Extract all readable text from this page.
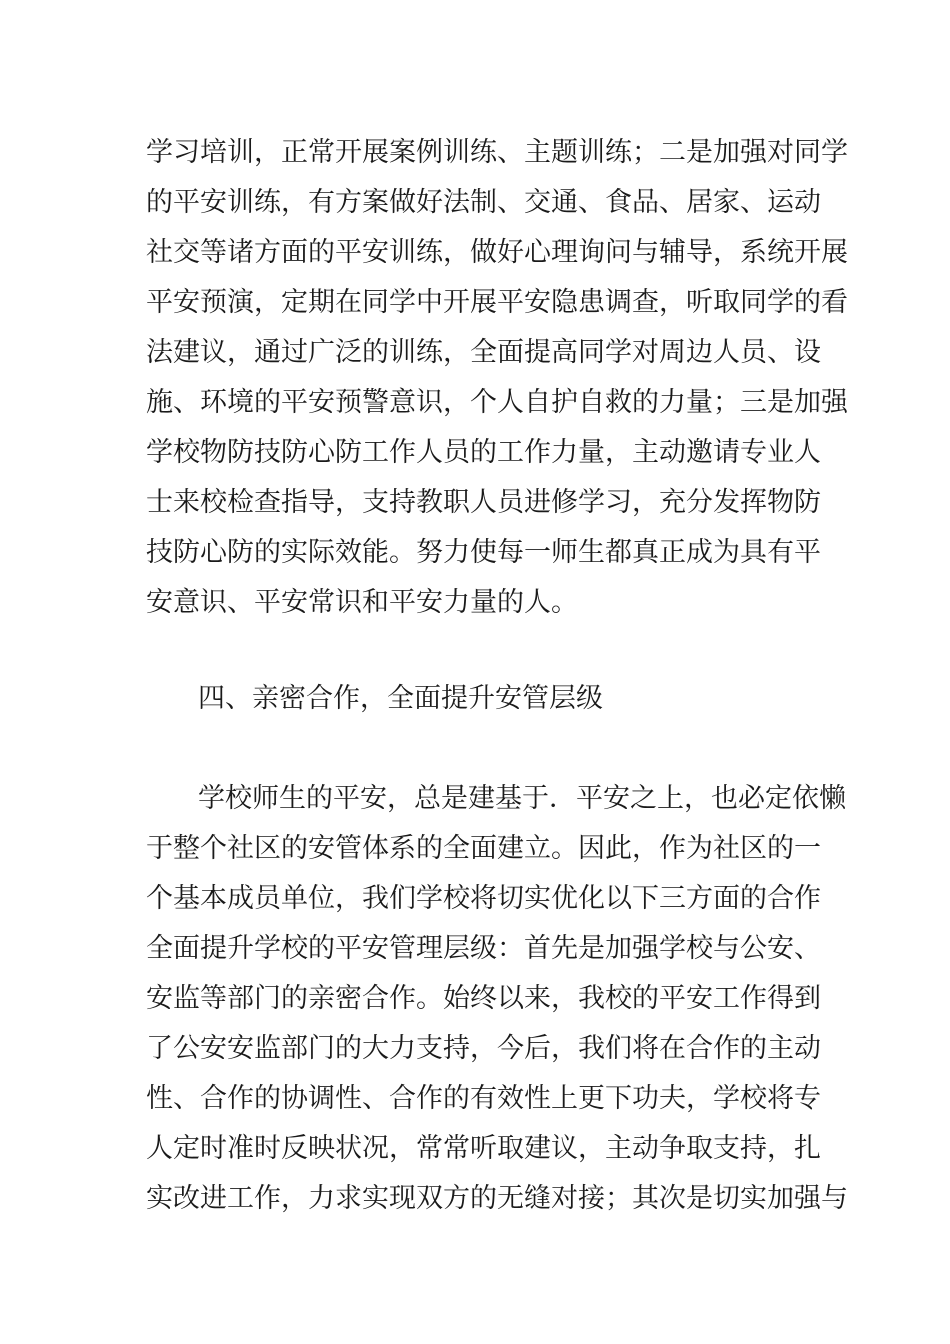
学习培训，正常开展案例训练、主题训练；二是加强对同学
的平安训练，有方案做好法制、交通、食品、居家、运动
社交等诸方面的平安训练，做好心理询问与辅导，系统开展
平安预演，定期在同学中开展平安隐患调查，听取同学的看
法建议，通过广泛的训练，全面提高同学对周边人员、设
施、环境的平安预警意识，个人自护自救的力量；三是加强
学校物防技防心防工作人员的工作力量，主动邀请专业人
士来校检查指导，支持教职人员进修学习，充分发挥物防
技防心防的实际效能。努力使每一师生都真正成为具有平
安意识、平安常识和平安力量的人。
四、亲密合作，全面提升安管层级
学校师生的平安，总是建基于．平安之上，也必定依懒
于整个社区的安管体系的全面建立。因此，作为社区的一
个基本成员单位，我们学校将切实优化以下三方面的合作
全面提升学校的平安管理层级：首先是加强学校与公安、
安监等部门的亲密合作。始终以来，我校的平安工作得到
了公安安监部门的大力支持，今后，我们将在合作的主动
性、合作的协调性、合作的有效性上更下功夫，学校将专
人定时准时反映状况，常常听取建议，主动争取支持，扎
实改进工作，力求实现双方的无缝对接；其次是切实加强与
